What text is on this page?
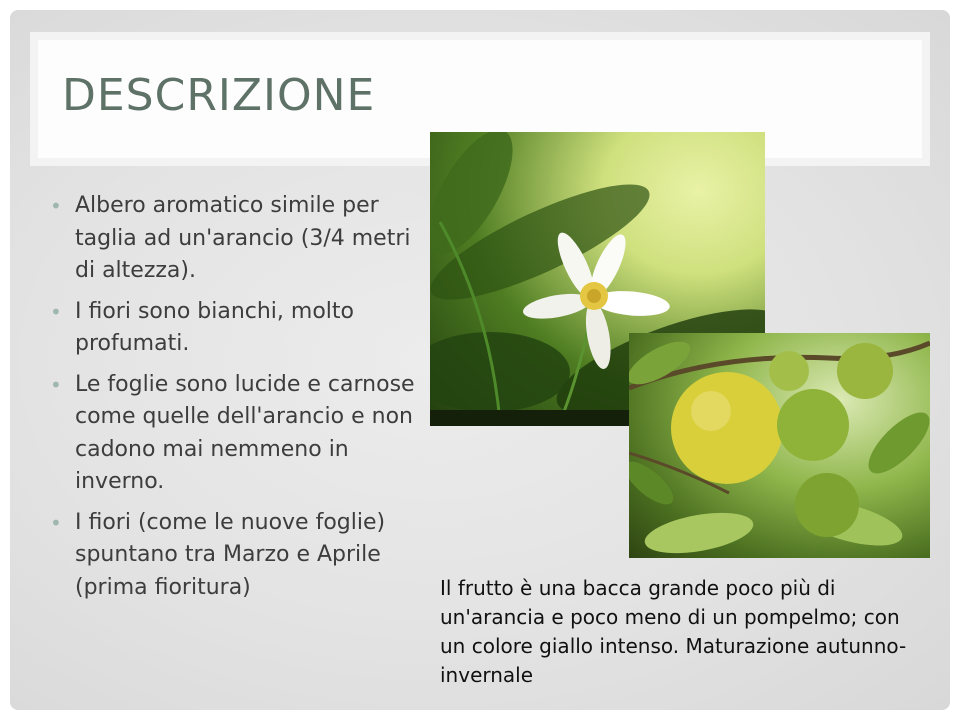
DESCRIZIONE
• Albero aromatico simile per taglia ad un'arancio (3/4 metri di altezza).
• I fiori sono bianchi, molto profumati.
• Le foglie sono lucide e carnose come quelle dell'arancio e non cadono mai nemmeno in inverno.
• I fiori (come le nuove foglie) spuntano tra Marzo e Aprile (prima fioritura)	Il frutto è una bacca grande poco più di un'arancia e poco meno di un pompelmo; con un colore giallo intenso. Maturazione autunno-invernale
